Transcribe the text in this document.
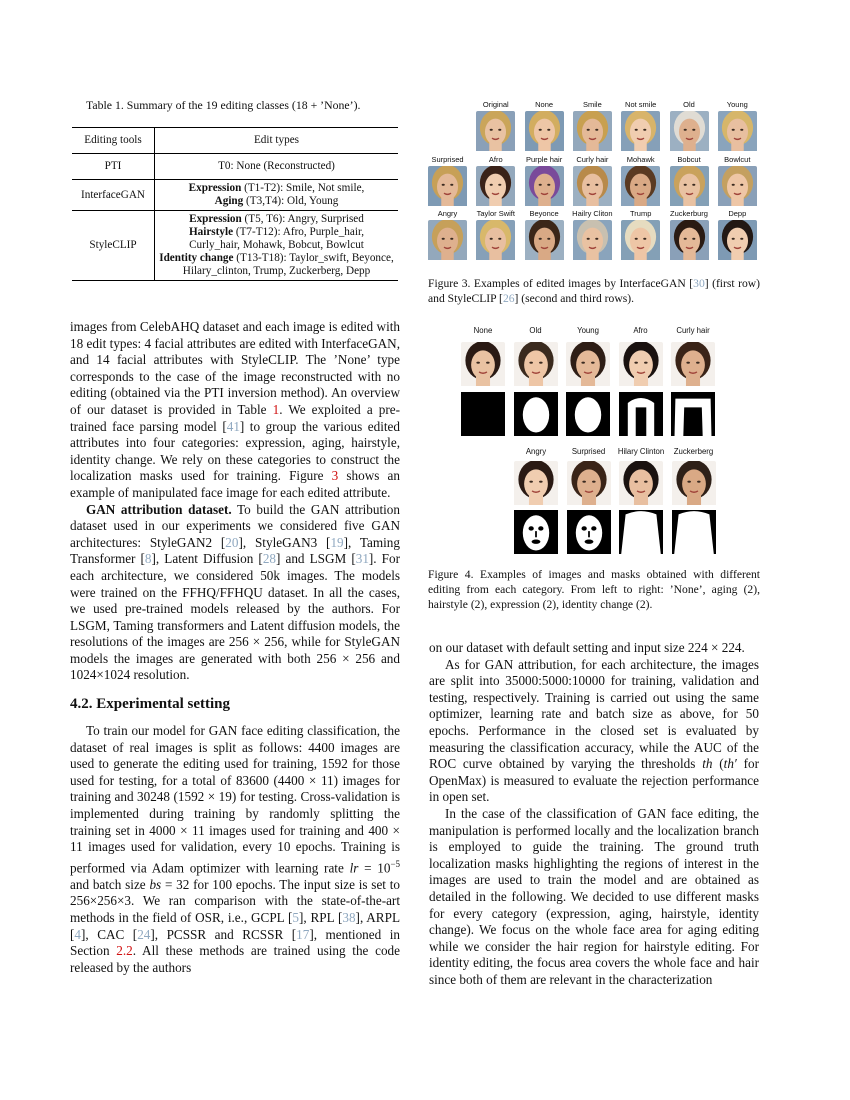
Table 1. Summary of the 19 editing classes (18 + ’None’).

Editing tools	Edit types
PTI	T0: None (Reconstructed)

InterfaceGAN	Expression (T1-T2): Smile, Not smile,
Aging (T3,T4): Old, Young

StyleCLIP	Expression (T5, T6): Angry, Surprised
Hairstyle (T7-T12): Afro, Purple_hair,
Curly_hair, Mohawk, Bobcut, Bowlcut
Identity change (T13-T18): Taylor_swift, Beyonce,
Hilary_clinton, Trump, Zuckerberg, Depp
Original	None	Smile	Not smile	Old	Young
Surprised	Afro	Purple hair	Curly hair	Mohawk	Bobcut	Bowlcut
Angry	Taylor Swift	Beyonce	Hailry Cliton	Trump	Zuckerburg	Depp

Figure 3. Examples of edited images by InterfaceGAN [30] (first row) and StyleCLIP [26] (second and third rows).

None	Old	Young	Afro	Curly hair
Angry	Surprised	Hilary Clinton	Zuckerberg

Figure 4. Examples of images and masks obtained with different editing from each category. From left to right: ’None’, aging (2), hairstyle (2), expression (2), identity change (2).

images from CelebAHQ dataset and each image is edited with 18 edit types: 4 facial attributes are edited with InterfaceGAN, and 14 facial attributes with StyleCLIP. The ’None’ type corresponds to the case of the image reconstructed with no editing (obtained via the PTI inversion method). An overview of our dataset is provided in Table 1. We exploited a pre-trained face parsing model [41] to group the various edited attributes into four categories: expression, aging, hairstyle, identity change. We rely on these categories to construct the localization masks used for training. Figure 3 shows an example of manipulated face image for each edited attribute.

GAN attribution dataset. To build the GAN attribution dataset used in our experiments we considered five GAN architectures: StyleGAN2 [20], StyleGAN3 [19], Taming Transformer [8], Latent Diffusion [28] and LSGM [31]. For each architecture, we considered 50k images. The models were trained on the FFHQ/FFHQU dataset. In all the cases, we used pre-trained models released by the authors. For LSGM, Taming transformers and Latent diffusion models, the resolutions of the images are 256 × 256, while for StyleGAN models the images are generated with both 256 × 256 and 1024×1024 resolution.

4.2. Experimental setting

To train our model for GAN face editing classification, the dataset of real images is split as follows: 4400 images are used to generate the editing used for training, 1592 for those used for testing, for a total of 83600 (4400 × 11) images for training and 30248 (1592 × 19) for testing. Cross-validation is implemented during training by randomly splitting the training set in 4000 × 11 images used for training and 400 × 11 images used for validation, every 10 epochs. Training is performed via Adam optimizer with learning rate lr = $10^{-5}$ and batch size bs = 32 for 100 epochs. The input size is set to 256×256×3. We ran comparison with the state-of-the-art methods in the field of OSR, i.e., GCPL [5], RPL [38], ARPL [4], CAC [24], PCSSR and RCSSR [17], mentioned in Section 2.2. All these methods are trained using the code released by the authors

on our dataset with default setting and input size 224 × 224.

As for GAN attribution, for each architecture, the images are split into 35000:5000:10000 for training, validation and testing, respectively. Training is carried out using the same optimizer, learning rate and batch size as above, for 50 epochs. Performance in the closed set is evaluated by measuring the classification accuracy, while the AUC of the ROC curve obtained by varying the thresholds th (th′ for OpenMax) is measured to evaluate the rejection performance in open set.

In the case of the classification of GAN face editing, the manipulation is performed locally and the localization branch is employed to guide the training. The ground truth localization masks highlighting the regions of interest in the images are used to train the model and are obtained as detailed in the following. We decided to use different masks for every category (expression, aging, hairstyle, identity change). We focus on the whole face area for aging editing while we consider the hair region for hairstyle editing. For identity editing, the focus area covers the whole face and hair since both of them are relevant in the characterization
